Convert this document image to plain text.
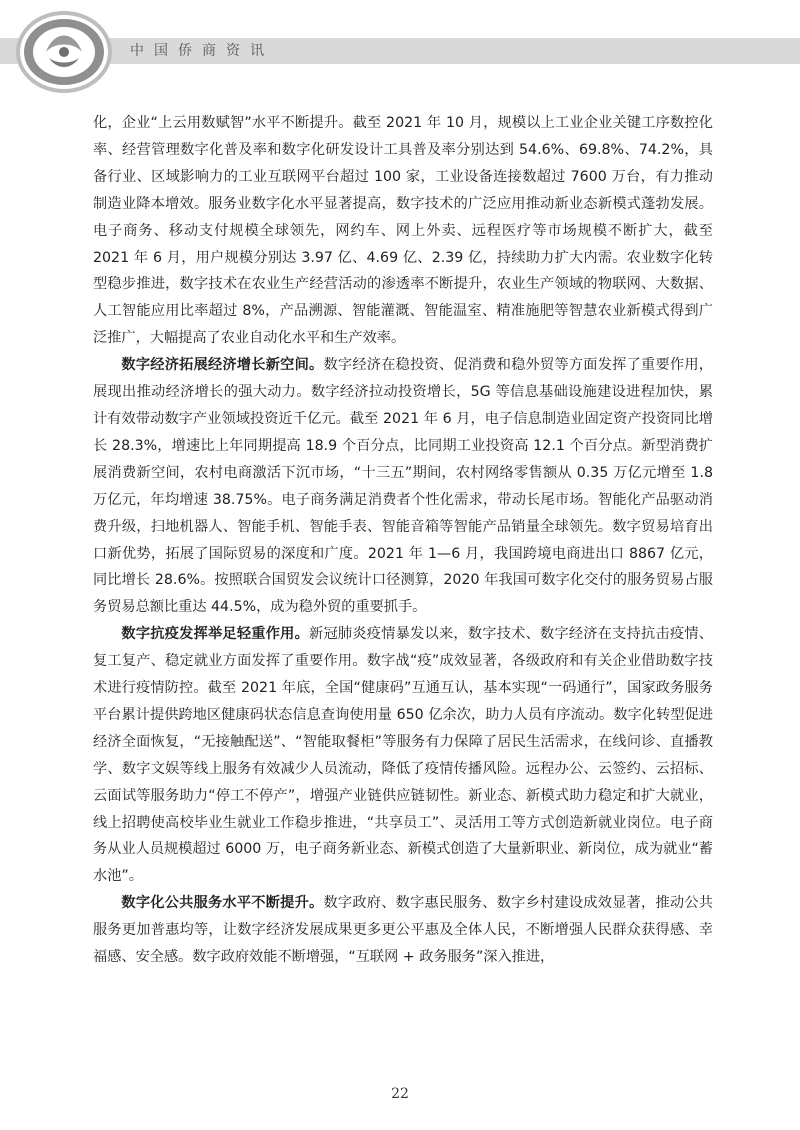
中国侨商资讯

化，企业“上云用数赋智”水平不断提升。截至 2021 年 10 月，规模以上工业企业关键工序数控化率、经营管理数字化普及率和数字化研发设计工具普及率分别达到 54.6%、69.8%、74.2%，具备行业、区域影响力的工业互联网平台超过 100 家，工业设备连接数超过 7600 万台，有力推动制造业降本增效。服务业数字化水平显著提高，数字技术的广泛应用推动新业态新模式蓬勃发展。电子商务、移动支付规模全球领先，网约车、网上外卖、远程医疗等市场规模不断扩大，截至 2021 年 6 月，用户规模分别达 3.97 亿、4.69 亿、2.39 亿，持续助力扩大内需。农业数字化转型稳步推进，数字技术在农业生产经营活动的渗透率不断提升，农业生产领域的物联网、大数据、人工智能应用比率超过 8%，产品溯源、智能灌溉、智能温室、精准施肥等智慧农业新模式得到广泛推广，大幅提高了农业自动化水平和生产效率。

数字经济拓展经济增长新空间。数字经济在稳投资、促消费和稳外贸等方面发挥了重要作用，展现出推动经济增长的强大动力。数字经济拉动投资增长，5G 等信息基础设施建设进程加快，累计有效带动数字产业领域投资近千亿元。截至 2021 年 6 月，电子信息制造业固定资产投资同比增长 28.3%，增速比上年同期提高 18.9 个百分点，比同期工业投资高 12.1 个百分点。新型消费扩展消费新空间，农村电商激活下沉市场，“十三五”期间，农村网络零售额从 0.35 万亿元增至 1.8 万亿元，年均增速 38.75%。电子商务满足消费者个性化需求，带动长尾市场。智能化产品驱动消费升级，扫地机器人、智能手机、智能手表、智能音箱等智能产品销量全球领先。数字贸易培育出口新优势，拓展了国际贸易的深度和广度。2021 年 1—6 月，我国跨境电商进出口 8867 亿元，同比增长 28.6%。按照联合国贸发会议统计口径测算，2020 年我国可数字化交付的服务贸易占服务贸易总额比重达 44.5%，成为稳外贸的重要抓手。

数字抗疫发挥举足轻重作用。新冠肺炎疫情暴发以来，数字技术、数字经济在支持抗击疫情、复工复产、稳定就业方面发挥了重要作用。数字战“疫”成效显著，各级政府和有关企业借助数字技术进行疫情防控。截至 2021 年底，全国“健康码”互通互认，基本实现“一码通行”，国家政务服务平台累计提供跨地区健康码状态信息查询使用量 650 亿余次，助力人员有序流动。数字化转型促进经济全面恢复，“无接触配送”、“智能取餐柜”等服务有力保障了居民生活需求，在线问诊、直播教学、数字文娱等线上服务有效减少人员流动，降低了疫情传播风险。远程办公、云签约、云招标、云面试等服务助力“停工不停产”，增强产业链供应链韧性。新业态、新模式助力稳定和扩大就业，线上招聘使高校毕业生就业工作稳步推进，“共享员工”、灵活用工等方式创造新就业岗位。电子商务从业人员规模超过 6000 万，电子商务新业态、新模式创造了大量新职业、新岗位，成为就业“蓄水池”。

数字化公共服务水平不断提升。数字政府、数字惠民服务、数字乡村建设成效显著，推动公共服务更加普惠均等，让数字经济发展成果更多更公平惠及全体人民，不断增强人民群众获得感、幸福感、安全感。数字政府效能不断增强，“互联网 + 政务服务”深入推进，

22
